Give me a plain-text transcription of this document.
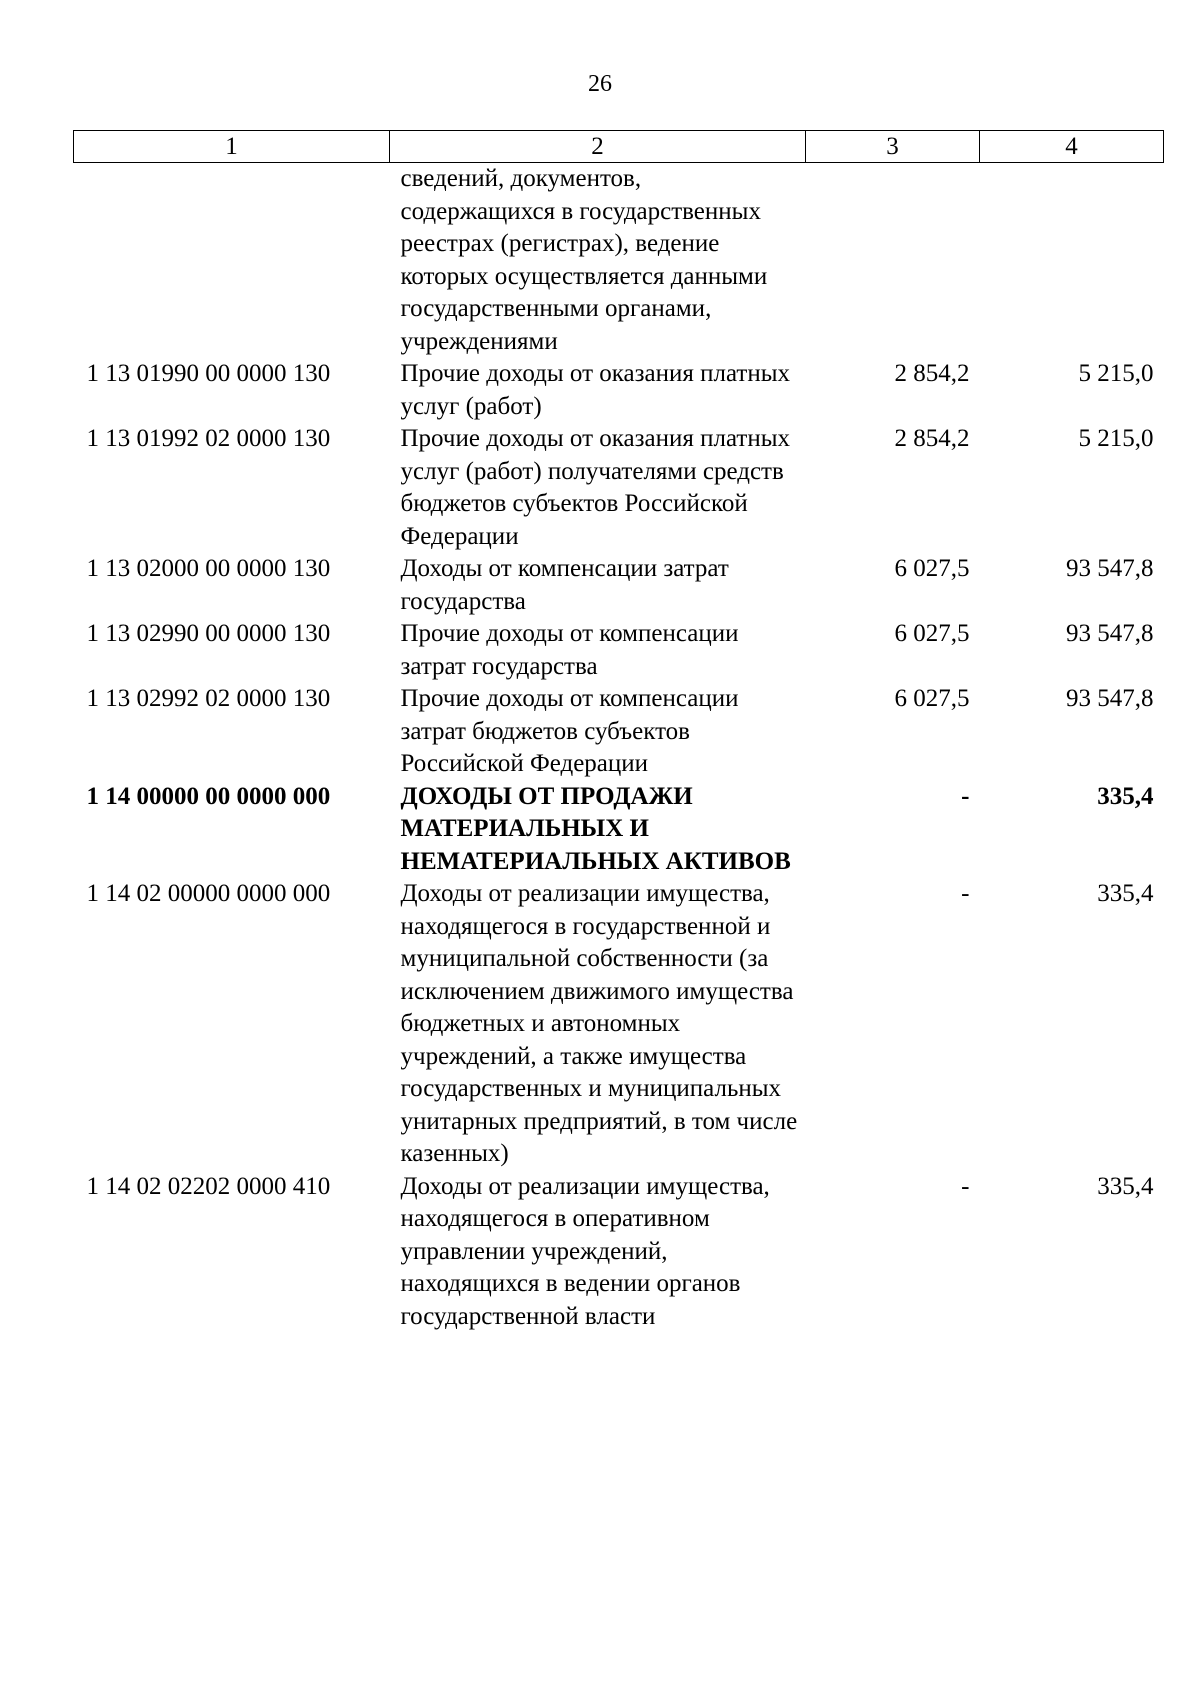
26
1	2	3	4
	сведений, документов, содержащихся в государственных реестрах (регистрах), ведение которых осуществляется данными государственными органами, учреждениями		
1 13 01990 00 0000 130	Прочие доходы от оказания платных услуг (работ)	2 854,2	5 215,0
1 13 01992 02 0000 130	Прочие доходы от оказания платных услуг (работ) получателями средств бюджетов субъектов Российской Федерации	2 854,2	5 215,0
1 13 02000 00 0000 130	Доходы от компенсации затрат государства	6 027,5	93 547,8
1 13 02990 00 0000 130	Прочие доходы от компенсации затрат государства	6 027,5	93 547,8
1 13 02992 02 0000 130	Прочие доходы от компенсации затрат бюджетов субъектов Российской Федерации	6 027,5	93 547,8
1 14 00000 00 0000 000	ДОХОДЫ ОТ ПРОДАЖИ МАТЕРИАЛЬНЫХ И НЕМАТЕРИАЛЬНЫХ АКТИВОВ	-	335,4
1 14 02 00000 0000 000	Доходы от реализации имущества, находящегося в государственной и муниципальной собственности (за исключением движимого имущества бюджетных и автономных учреждений, а также имущества государственных и муниципальных унитарных предприятий, в том числе казенных)	-	335,4
1 14 02 02202 0000 410	Доходы от реализации имущества, находящегося в оперативном управлении учреждений, находящихся в ведении органов государственной власти	-	335,4
